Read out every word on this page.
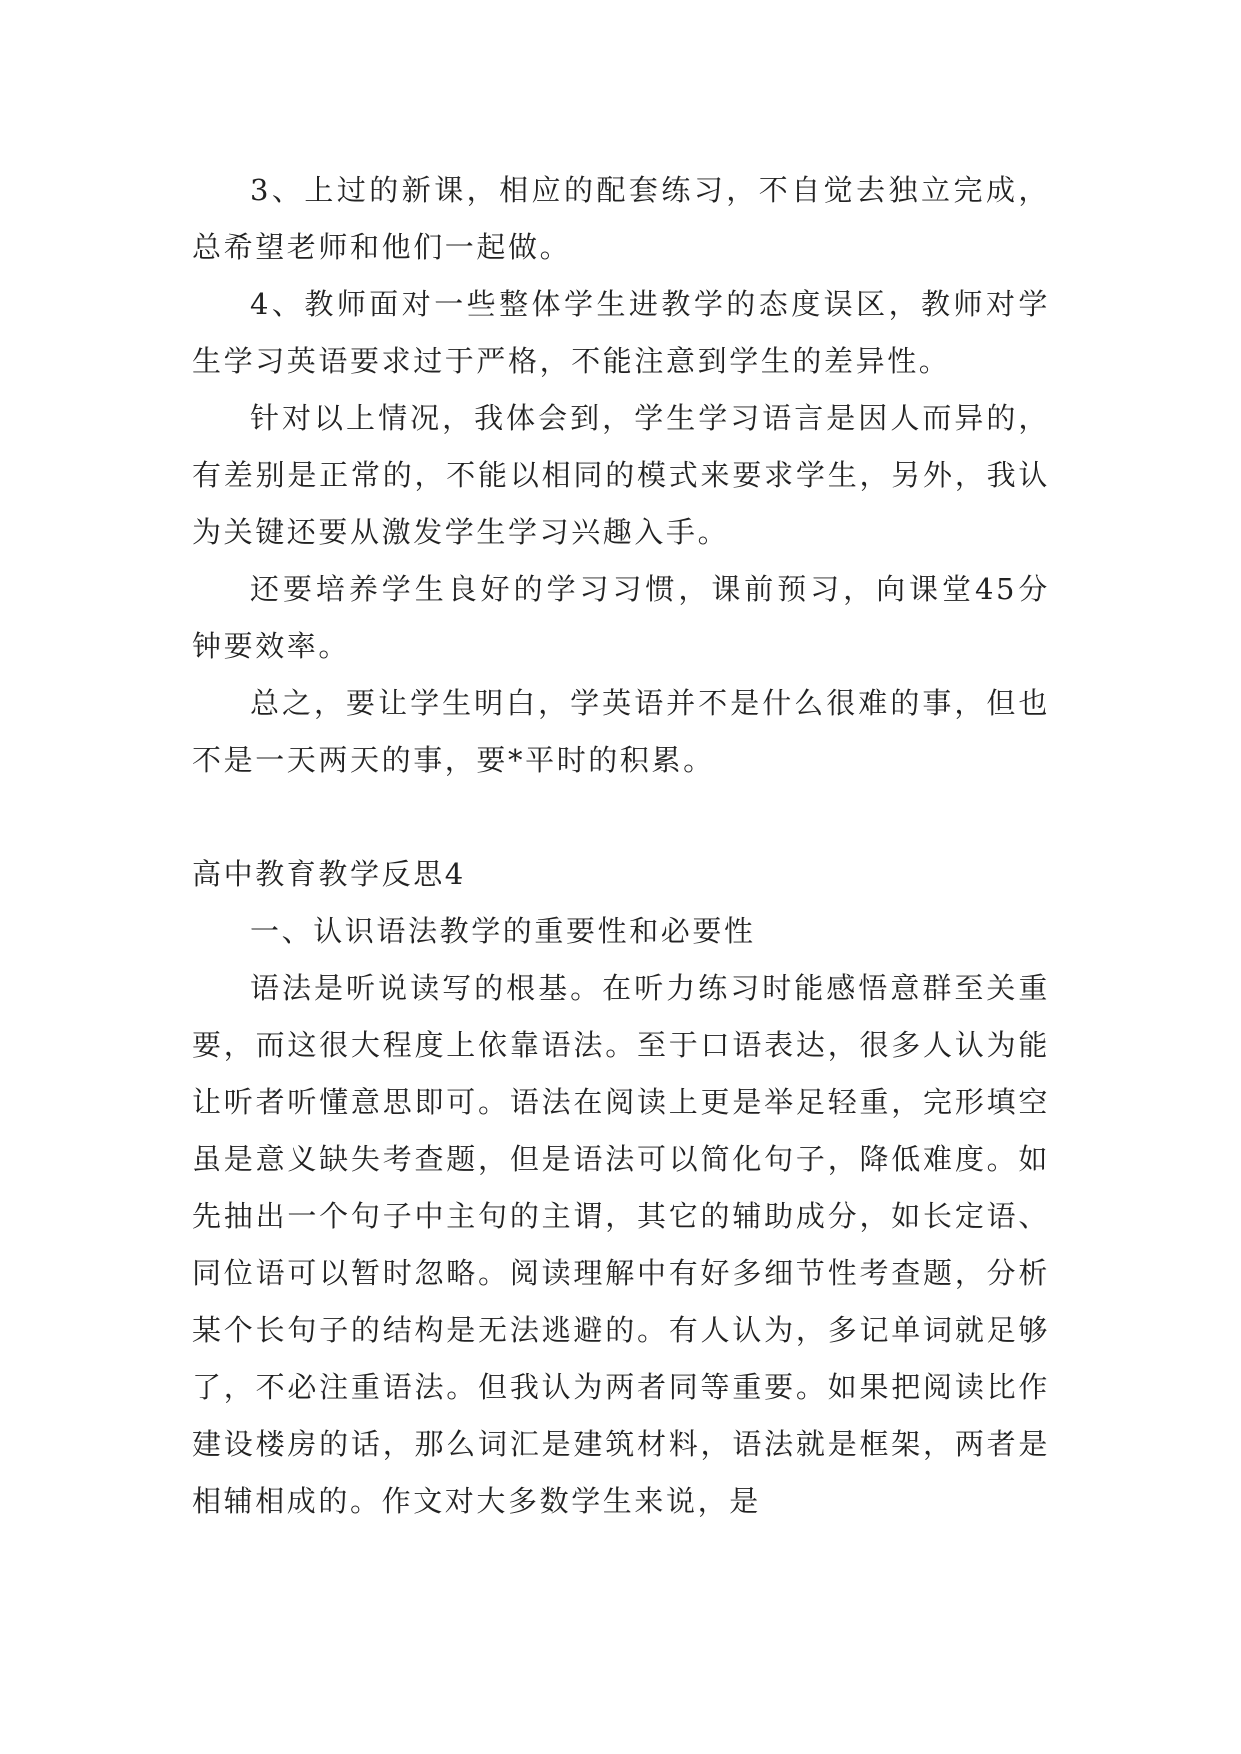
3、上过的新课，相应的配套练习，不自觉去独立完成，总希望老师和他们一起做。

4、教师面对一些整体学生进教学的态度误区，教师对学生学习英语要求过于严格，不能注意到学生的差异性。

针对以上情况，我体会到，学生学习语言是因人而异的，有差别是正常的，不能以相同的模式来要求学生，另外，我认为关键还要从激发学生学习兴趣入手。

还要培养学生良好的学习习惯，课前预习，向课堂45分钟要效率。

总之，要让学生明白，学英语并不是什么很难的事，但也不是一天两天的事，要*平时的积累。

高中教育教学反思4

一、认识语法教学的重要性和必要性

语法是听说读写的根基。在听力练习时能感悟意群至关重要，而这很大程度上依靠语法。至于口语表达，很多人认为能让听者听懂意思即可。语法在阅读上更是举足轻重，完形填空虽是意义缺失考查题，但是语法可以简化句子，降低难度。如先抽出一个句子中主句的主谓，其它的辅助成分，如长定语、同位语可以暂时忽略。阅读理解中有好多细节性考查题，分析某个长句子的结构是无法逃避的。有人认为，多记单词就足够了，不必注重语法。但我认为两者同等重要。如果把阅读比作建设楼房的话，那么词汇是建筑材料，语法就是框架，两者是相辅相成的。作文对大多数学生来说，是
